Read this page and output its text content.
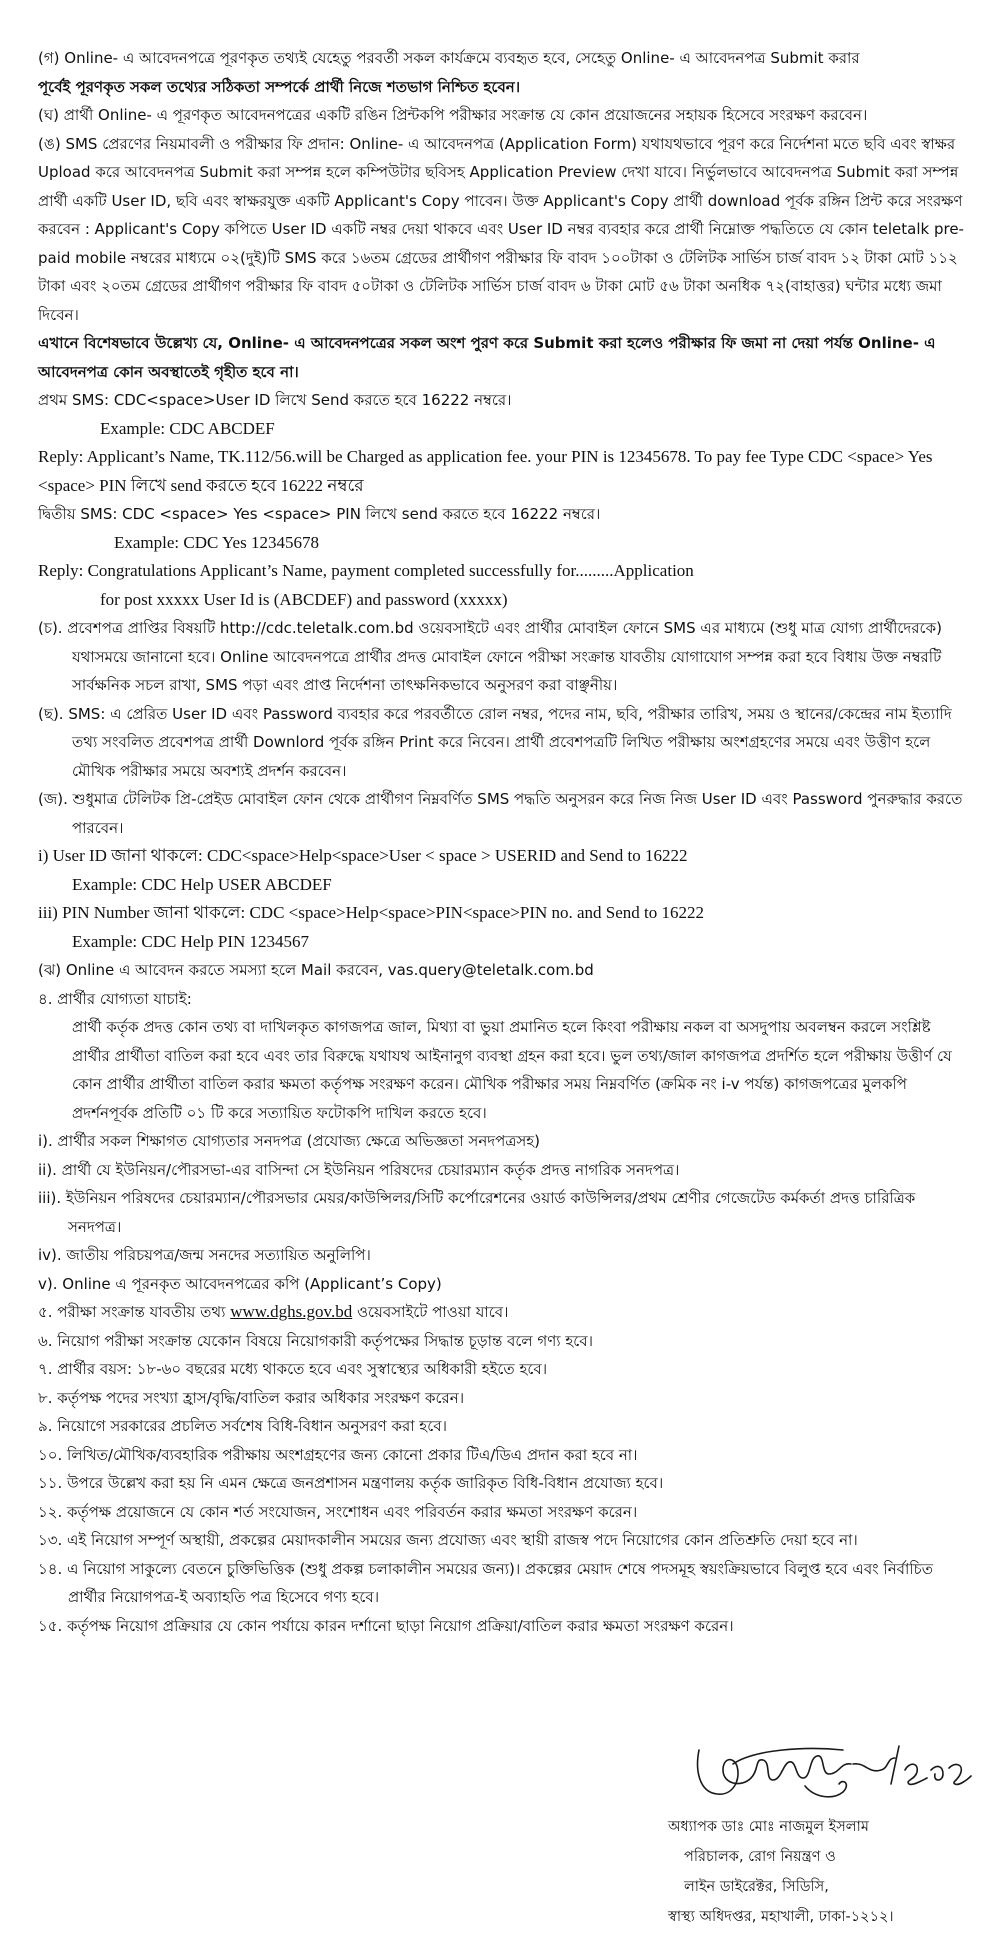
(গ) Online- এ আবেদনপত্রে পূরণকৃত তথ্যই যেহেতু পরবর্তী সকল কার্যক্রমে ব্যবহৃত হবে, সেহেতু Online- এ আবেদনপত্র Submit করার
পূর্বেই পূরণকৃত সকল তথ্যের সঠিকতা সম্পর্কে প্রার্থী নিজে শতভাগ নিশ্চিত হবেন।
(ঘ) প্রার্থী Online- এ পূরণকৃত আবেদনপত্রের একটি রঙিন প্রিন্টকপি পরীক্ষার সংক্রান্ত যে কোন প্রয়োজনের সহায়ক হিসেবে সংরক্ষণ করবেন।
(ঙ) SMS প্রেরণের নিয়মাবলী ও পরীক্ষার ফি প্রদান: Online- এ আবেদনপত্র (Application Form) যথাযথভাবে পূরণ করে নির্দেশনা মতে ছবি এবং স্বাক্ষর Upload করে আবেদনপত্র Submit করা সম্পন্ন হলে কম্পিউটার ছবিসহ Application Preview দেখা যাবে। নির্ভুলভাবে আবেদনপত্র Submit করা সম্পন্ন প্রার্থী একটি User ID, ছবি এবং স্বাক্ষরযুক্ত একটি Applicant's Copy পাবেন। উক্ত Applicant's Copy প্রার্থী download পূর্বক রঙ্গিন প্রিন্ট করে সংরক্ষণ করবেন : Applicant's Copy কপিতে User ID একটি নম্বর দেয়া থাকবে এবং User ID নম্বর ব্যবহার করে প্রার্থী নিম্নোক্ত পদ্ধতিতে যে কোন teletalk pre-paid mobile নম্বরের মাধ্যমে ০২(দুই)টি SMS করে ১৬তম গ্রেডের প্রার্থীগণ পরীক্ষার ফি বাবদ ১০০টাকা ও টেলিটক সার্ভিস চার্জ বাবদ ১২ টাকা মোট ১১২ টাকা এবং ২০তম গ্রেডের প্রার্থীগণ পরীক্ষার ফি বাবদ ৫০টাকা ও টেলিটক সার্ভিস চার্জ বাবদ ৬ টাকা মোট ৫৬ টাকা অনধিক ৭২(বাহাত্তর) ঘন্টার মধ্যে জমা দিবেন।
এখানে বিশেষভাবে উল্লেখ্য যে, Online- এ আবেদনপত্রের সকল অংশ পুরণ করে Submit করা হলেও পরীক্ষার ফি জমা না দেয়া পর্যন্ত Online- এ আবেদনপত্র কোন অবস্থাতেই গৃহীত হবে না।
প্রথম SMS: CDC<space>User ID লিখে Send করতে হবে 16222 নম্বরে।
Example: CDC ABCDEF
Reply: Applicant’s Name, TK.112/56.will be Charged as application fee. your PIN is 12345678. To pay fee Type CDC <space> Yes <space> PIN লিখে send করতে হবে 16222 নম্বরে
দ্বিতীয় SMS: CDC <space> Yes <space> PIN লিখে send করতে হবে 16222 নম্বরে।
Example: CDC Yes 12345678
Reply: Congratulations Applicant’s Name, payment completed successfully for.........Application
for post xxxxx User Id is (ABCDEF) and password (xxxxx)
(চ). প্রবেশপত্র প্রাপ্তির বিষয়টি http://cdc.teletalk.com.bd ওয়েবসাইটে এবং প্রার্থীর মোবাইল ফোনে SMS এর মাধ্যমে (শুধু মাত্র যোগ্য প্রার্থীদেরকে) যথাসময়ে জানানো হবে। Online আবেদনপত্রে প্রার্থীর প্রদত্ত মোবাইল ফোনে পরীক্ষা সংক্রান্ত যাবতীয় যোগাযোগ সম্পন্ন করা হবে বিধায় উক্ত নম্বরটি সার্বক্ষনিক সচল রাখা, SMS পড়া এবং প্রাপ্ত নির্দেশনা তাৎক্ষনিকভাবে অনুসরণ করা বাঞ্ছনীয়।
(ছ). SMS: এ প্রেরিত User ID এবং Password ব্যবহার করে পরবর্তীতে রোল নম্বর, পদের নাম, ছবি, পরীক্ষার তারিখ, সময় ও স্থানের/কেন্দ্রের নাম ইত্যাদি তথ্য সংবলিত প্রবেশপত্র প্রার্থী Downlord পূর্বক রঙ্গিন Print করে নিবেন। প্রার্থী প্রবেশপত্রটি লিখিত পরীক্ষায় অংশগ্রহণের সময়ে এবং উত্তীণ হলে মৌখিক পরীক্ষার সময়ে অবশ্যই প্রদর্শন করবেন।
(জ). শুধুমাত্র টেলিটক প্রি-প্রেইড মোবাইল ফোন থেকে প্রার্থীগণ নিম্নবর্ণিত SMS পদ্ধতি অনুসরন করে নিজ নিজ User ID এবং Password পুনরুদ্ধার করতে পারবেন।
i) User ID জানা থাকলে: CDC<space>Help<space>User < space > USERID and Send to 16222
Example: CDC Help USER ABCDEF
iii) PIN Number জানা থাকলে: CDC <space>Help<space>PIN<space>PIN no. and Send to 16222
Example: CDC Help PIN 1234567
(ঝ) Online এ আবেদন করতে সমস্যা হলে Mail করবেন, vas.query@teletalk.com.bd
৪. প্রার্থীর যোগ্যতা যাচাই:
প্রার্থী কর্তৃক প্রদত্ত কোন তথ্য বা দাখিলকৃত কাগজপত্র জাল, মিথ্যা বা ভুয়া প্রমানিত হলে কিংবা পরীক্ষায় নকল বা অসদুপায় অবলম্বন করলে সংশ্লিষ্ট প্রার্থীর প্রার্থীতা বাতিল করা হবে এবং তার বিরুদ্ধে যথাযথ আইনানুগ ব্যবস্থা গ্রহন করা হবে। ভুল তথ্য/জাল কাগজপত্র প্রদর্শিত হলে পরীক্ষায় উত্তীর্ণ যে কোন প্রার্থীর প্রার্থীতা বাতিল করার ক্ষমতা কর্তৃপক্ষ সংরক্ষণ করেন। মৌখিক পরীক্ষার সময় নিম্নবর্ণিত (ক্রমিক নং i-v পর্যন্ত) কাগজপত্রের মুলকপি প্রদর্শনপূর্বক প্রতিটি ০১ টি করে সত্যায়িত ফটোকপি দাখিল করতে হবে।
i). প্রার্থীর সকল শিক্ষাগত যোগ্যতার সনদপত্র (প্রযোজ্য ক্ষেত্রে অভিজ্ঞতা সনদপত্রসহ)
ii). প্রার্থী যে ইউনিয়ন/পৌরসভা-এর বাসিন্দা সে ইউনিয়ন পরিষদের চেয়ারম্যান কর্তৃক প্রদত্ত নাগরিক সনদপত্র।
iii). ইউনিয়ন পরিষদের চেয়ারম্যান/পৌরসভার মেয়র/কাউন্সিলর/সিটি কর্পোরেশনের ওয়ার্ড কাউন্সিলর/প্রথম শ্রেণীর গেজেটেড কর্মকর্তা প্রদত্ত চারিত্রিক সনদপত্র।
iv). জাতীয় পরিচয়পত্র/জন্ম সনদের সত্যায়িত অনুলিপি।
v). Online এ পূরনকৃত আবেদনপত্রের কপি (Applicant’s Copy)
৫. পরীক্ষা সংক্রান্ত যাবতীয় তথ্য www.dghs.gov.bd ওয়েবসাইটে পাওয়া যাবে।
৬. নিয়োগ পরীক্ষা সংক্রান্ত যেকোন বিষয়ে নিয়োগকারী কর্তৃপক্ষের সিদ্ধান্ত চূড়ান্ত বলে গণ্য হবে।
৭. প্রার্থীর বয়স: ১৮-৬০ বছরের মধ্যে থাকতে হবে এবং সুস্বাস্থ্যের অধিকারী হইতে হবে।
৮. কর্তৃপক্ষ পদের সংখ্যা হ্রাস/বৃদ্ধি/বাতিল করার অধিকার সংরক্ষণ করেন।
৯. নিয়োগে সরকারের প্রচলিত সর্বশেষ বিধি-বিধান অনুসরণ করা হবে।
১০. লিখিত/মৌখিক/ব্যবহারিক পরীক্ষায় অংশগ্রহণের জন্য কোনো প্রকার টিএ/ডিএ প্রদান করা হবে না।
১১. উপরে উল্লেখ করা হয় নি এমন ক্ষেত্রে জনপ্রশাসন মন্ত্রণালয় কর্তৃক জারিকৃত বিধি-বিধান প্রযোজ্য হবে।
১২. কর্তৃপক্ষ প্রয়োজনে যে কোন শর্ত সংযোজন, সংশোধন এবং পরিবর্তন করার ক্ষমতা সংরক্ষণ করেন।
১৩. এই নিয়োগ সম্পূর্ণ অস্থায়ী, প্রকল্পের মেয়াদকালীন সময়ের জন্য প্রযোজ্য এবং স্থায়ী রাজস্ব পদে নিয়োগের কোন প্রতিশ্রুতি দেয়া হবে না।
১৪. এ নিয়োগ সাকুল্যে বেতনে চুক্তিভিত্তিক (শুধু প্রকল্প চলাকালীন সময়ের জন্য)। প্রকল্পের মেয়াদ শেষে পদসমূহ স্বয়ংক্রিয়ভাবে বিলুপ্ত হবে এবং নির্বাচিত প্রার্থীর নিয়োগপত্র-ই অব্যাহতি পত্র হিসেবে গণ্য হবে।
১৫. কর্তৃপক্ষ নিয়োগ প্রক্রিয়ার যে কোন পর্যায়ে কারন দর্শানো ছাড়া নিয়োগ প্রক্রিয়া/বাতিল করার ক্ষমতা সংরক্ষণ করেন।
অধ্যাপক ডাঃ মোঃ নাজমুল ইসলাম
পরিচালক, রোগ নিয়ন্ত্রণ ও
লাইন ডাইরেক্টর, সিডিসি,
স্বাস্থ্য অধিদপ্তর, মহাখালী, ঢাকা-১২১২।
